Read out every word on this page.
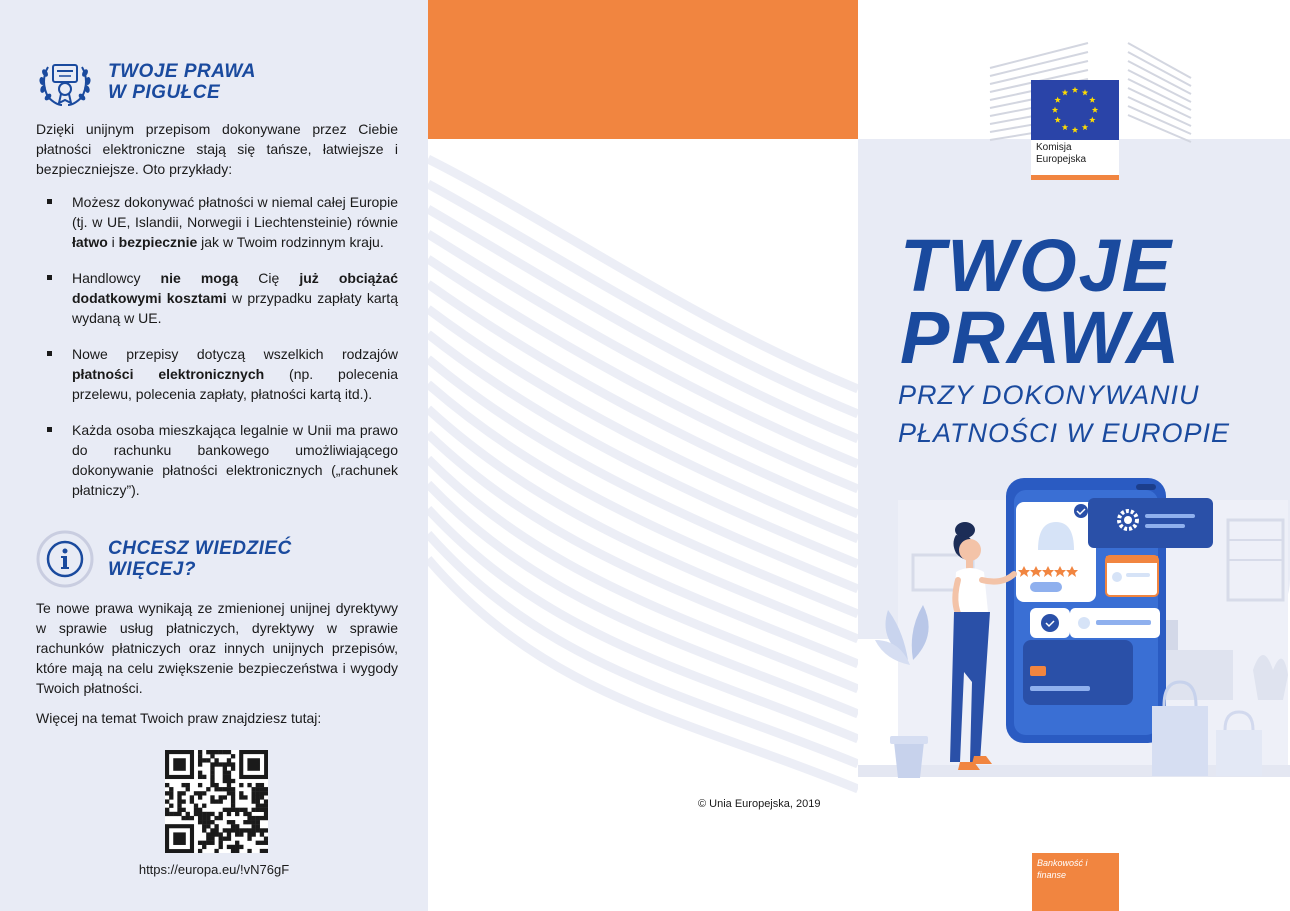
TWOJE PRAWA
W PIGUŁCE

Dzięki unijnym przepisom dokonywane przez Ciebie płatności elektroniczne stają się tańsze, łatwiejsze i bezpieczniejsze. Oto przykłady:

Możesz dokonywać płatności w niemal całej Europie (tj. w UE, Islandii, Norwegii i Liechtensteinie) równie łatwo i bezpiecznie jak w Twoim rodzinnym kraju.
Handlowcy nie mogą Cię już obciążać dodatkowymi kosztami w przypadku zapłaty kartą wydaną w UE.
Nowe przepisy dotyczą wszelkich rodzajów płatności elektronicznych (np. polecenia przelewu, polecenia zapłaty, płatności kartą itd.).
Każda osoba mieszkająca legalnie w Unii ma prawo do rachunku bankowego umożliwiającego dokonywanie płatności elektronicznych („rachunek płatniczy”).
CHCESZ WIEDZIEĆ
WIĘCEJ?

Te nowe prawa wynikają ze zmienionej unijnej dyrektywy w sprawie usług płatniczych, dyrektywy w sprawie rachunków płatniczych oraz innych unijnych przepisów, które mają na celu zwiększenie bezpieczeństwa i wygody Twoich płatności.

Więcej na temat Twoich praw znajdziesz tutaj:

https://europa.eu/!vN76gF

© Unia Europejska, 2019

Komisja
Europejska
TWOJE
PRAWA
PRZY DOKONYWANIU
PŁATNOŚCI W EUROPIE
Bankowość i
finanse
